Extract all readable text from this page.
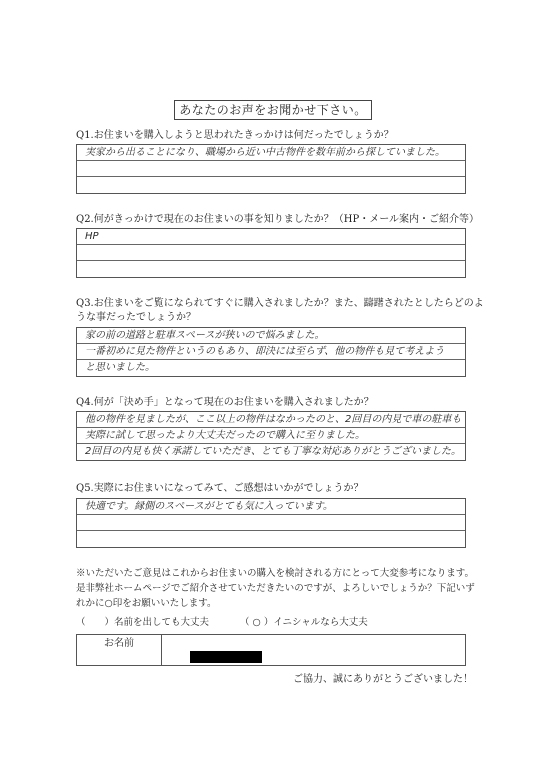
あなたのお声をお聞かせ下さい。
Q1.お住まいを購入しようと思われたきっかけは何だったでしょうか？
実家から出ることになり、職場から近い中古物件を数年前から探していました。
Q2.何がきっかけで現在のお住まいの事を知りましたか？（HP・メール案内・ご紹介等）
HP
Q3.お住まいをご覧になられてすぐに購入されましたか？また、躊躇されたとしたらどのよ
うな事だったでしょうか？
家の前の道路と駐車スペースが狭いので悩みました。
一番初めに見た物件というのもあり、即決には至らず、他の物件も見て考えよう
と思いました。
Q4.何が「決め手」となって現在のお住まいを購入されましたか？
他の物件を見ましたが、ここ以上の物件はなかったのと、2回目の内見で車の駐車も
実際に試して思ったより大丈夫だったので購入に至りました。
2回目の内見も快く承諾していただき、とても丁寧な対応ありがとうございました。
Q5.実際にお住まいになってみて、ご感想はいかがでしょうか？
快適です。縁側のスペースがとても気に入っています。
※いただいたご意見はこれからお住まいの購入を検討される方にとって大変参考になります。
是非弊社ホームページでご紹介させていただきたいのですが、よろしいでしょうか？下記いず
れかに○印をお願いいたします。
（　　）名前を出しても大丈夫	（ ○ ）イニシャルなら大丈夫
お名前
ご協力、誠にありがとうございました！
